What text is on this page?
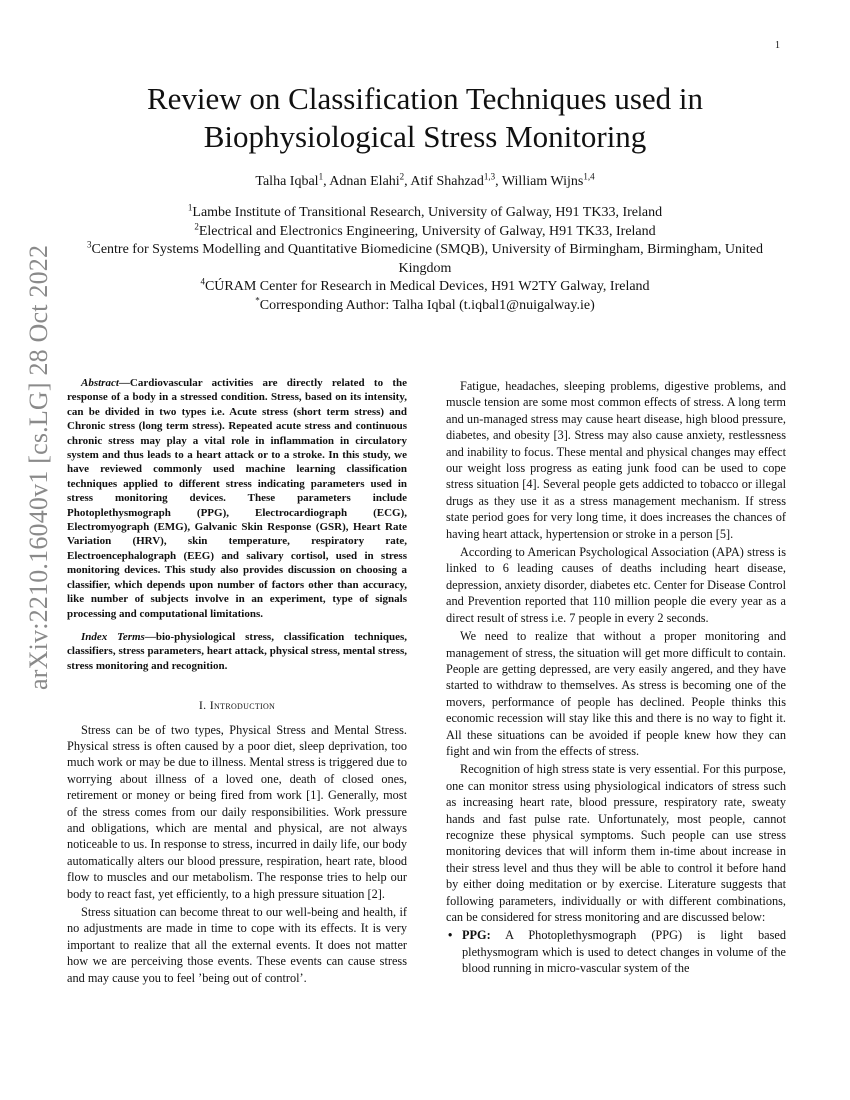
1
arXiv:2210.16040v1 [cs.LG] 28 Oct 2022
Review on Classification Techniques used in Biophysiological Stress Monitoring
Talha Iqbal$^1$, Adnan Elahi$^2$, Atif Shahzad$^{1,3}$, William Wijns$^{1,4}$
$^1$Lambe Institute of Transitional Research, University of Galway, H91 TK33, Ireland
$^2$Electrical and Electronics Engineering, University of Galway, H91 TK33, Ireland
$^3$Centre for Systems Modelling and Quantitative Biomedicine (SMQB), University of Birmingham, Birmingham, United Kingdom
$^4$CÚRAM Center for Research in Medical Devices, H91 W2TY Galway, Ireland
*Corresponding Author: Talha Iqbal (t.iqbal1@nuigalway.ie)

Abstract—Cardiovascular activities are directly related to the response of a body in a stressed condition. Stress, based on its intensity, can be divided in two types i.e. Acute stress (short term stress) and Chronic stress (long term stress). Repeated acute stress and continuous chronic stress may play a vital role in inflammation in circulatory system and thus leads to a heart attack or to a stroke. In this study, we have reviewed commonly used machine learning classification techniques applied to different stress indicating parameters used in stress monitoring devices. These parameters include Photoplethysmograph (PPG), Electrocardiograph (ECG), Electromyograph (EMG), Galvanic Skin Response (GSR), Heart Rate Variation (HRV), skin temperature, respiratory rate, Electroencephalograph (EEG) and salivary cortisol, used in stress monitoring devices. This study also provides discussion on choosing a classifier, which depends upon number of factors other than accuracy, like number of subjects involve in an experiment, type of signals processing and computational limitations.

Index Terms—bio-physiological stress, classification techniques, classifiers, stress parameters, heart attack, physical stress, mental stress, stress monitoring and recognition.

I. Introduction

Stress can be of two types, Physical Stress and Mental Stress. Physical stress is often caused by a poor diet, sleep deprivation, too much work or may be due to illness. Mental stress is triggered due to worrying about illness of a loved one, death of closed ones, retirement or money or being fired from work [1]. Generally, most of the stress comes from our daily responsibilities. Work pressure and obligations, which are mental and physical, are not always noticeable to us. In response to stress, incurred in daily life, our body automatically alters our blood pressure, respiration, heart rate, blood flow to muscles and our metabolism. The response tries to help our body to react fast, yet efficiently, to a high pressure situation [2].

Stress situation can become threat to our well-being and health, if no adjustments are made in time to cope with its effects. It is very important to realize that all the external events. It does not matter how we are perceiving those events. These events can cause stress and may cause you to feel ’being out of control’.

Fatigue, headaches, sleeping problems, digestive problems, and muscle tension are some most common effects of stress. A long term and un-managed stress may cause heart disease, high blood pressure, diabetes, and obesity [3]. Stress may also cause anxiety, restlessness and inability to focus. These mental and physical changes may effect our weight loss progress as eating junk food can be used to cope stress situation [4]. Several people gets addicted to tobacco or illegal drugs as they use it as a stress management mechanism. If stress state period goes for very long time, it does increases the chances of having heart attack, hypertension or stroke in a person [5].

According to American Psychological Association (APA) stress is linked to 6 leading causes of deaths including heart disease, depression, anxiety disorder, diabetes etc. Center for Disease Control and Prevention reported that 110 million people die every year as a direct result of stress i.e. 7 people in every 2 seconds.

We need to realize that without a proper monitoring and management of stress, the situation will get more difficult to contain. People are getting depressed, are very easily angered, and they have started to withdraw to themselves. As stress is becoming one of the movers, performance of people has declined. People thinks this economic recession will stay like this and there is no way to fight it. All these situations can be avoided if people knew how they can fight and win from the effects of stress.

Recognition of high stress state is very essential. For this purpose, one can monitor stress using physiological indicators of stress such as increasing heart rate, blood pressure, respiratory rate, sweaty hands and fast pulse rate. Unfortunately, most people, cannot recognize these physical symptoms. Such people can use stress monitoring devices that will inform them in-time about increase in their stress level and thus they will be able to control it before hand by either doing meditation or by exercise. Literature suggests that following parameters, individually or with different combinations, can be considered for stress monitoring and are discussed below:

• PPG: A Photoplethysmograph (PPG) is light based plethysmogram which is used to detect changes in volume of the blood running in micro-vascular system of the
